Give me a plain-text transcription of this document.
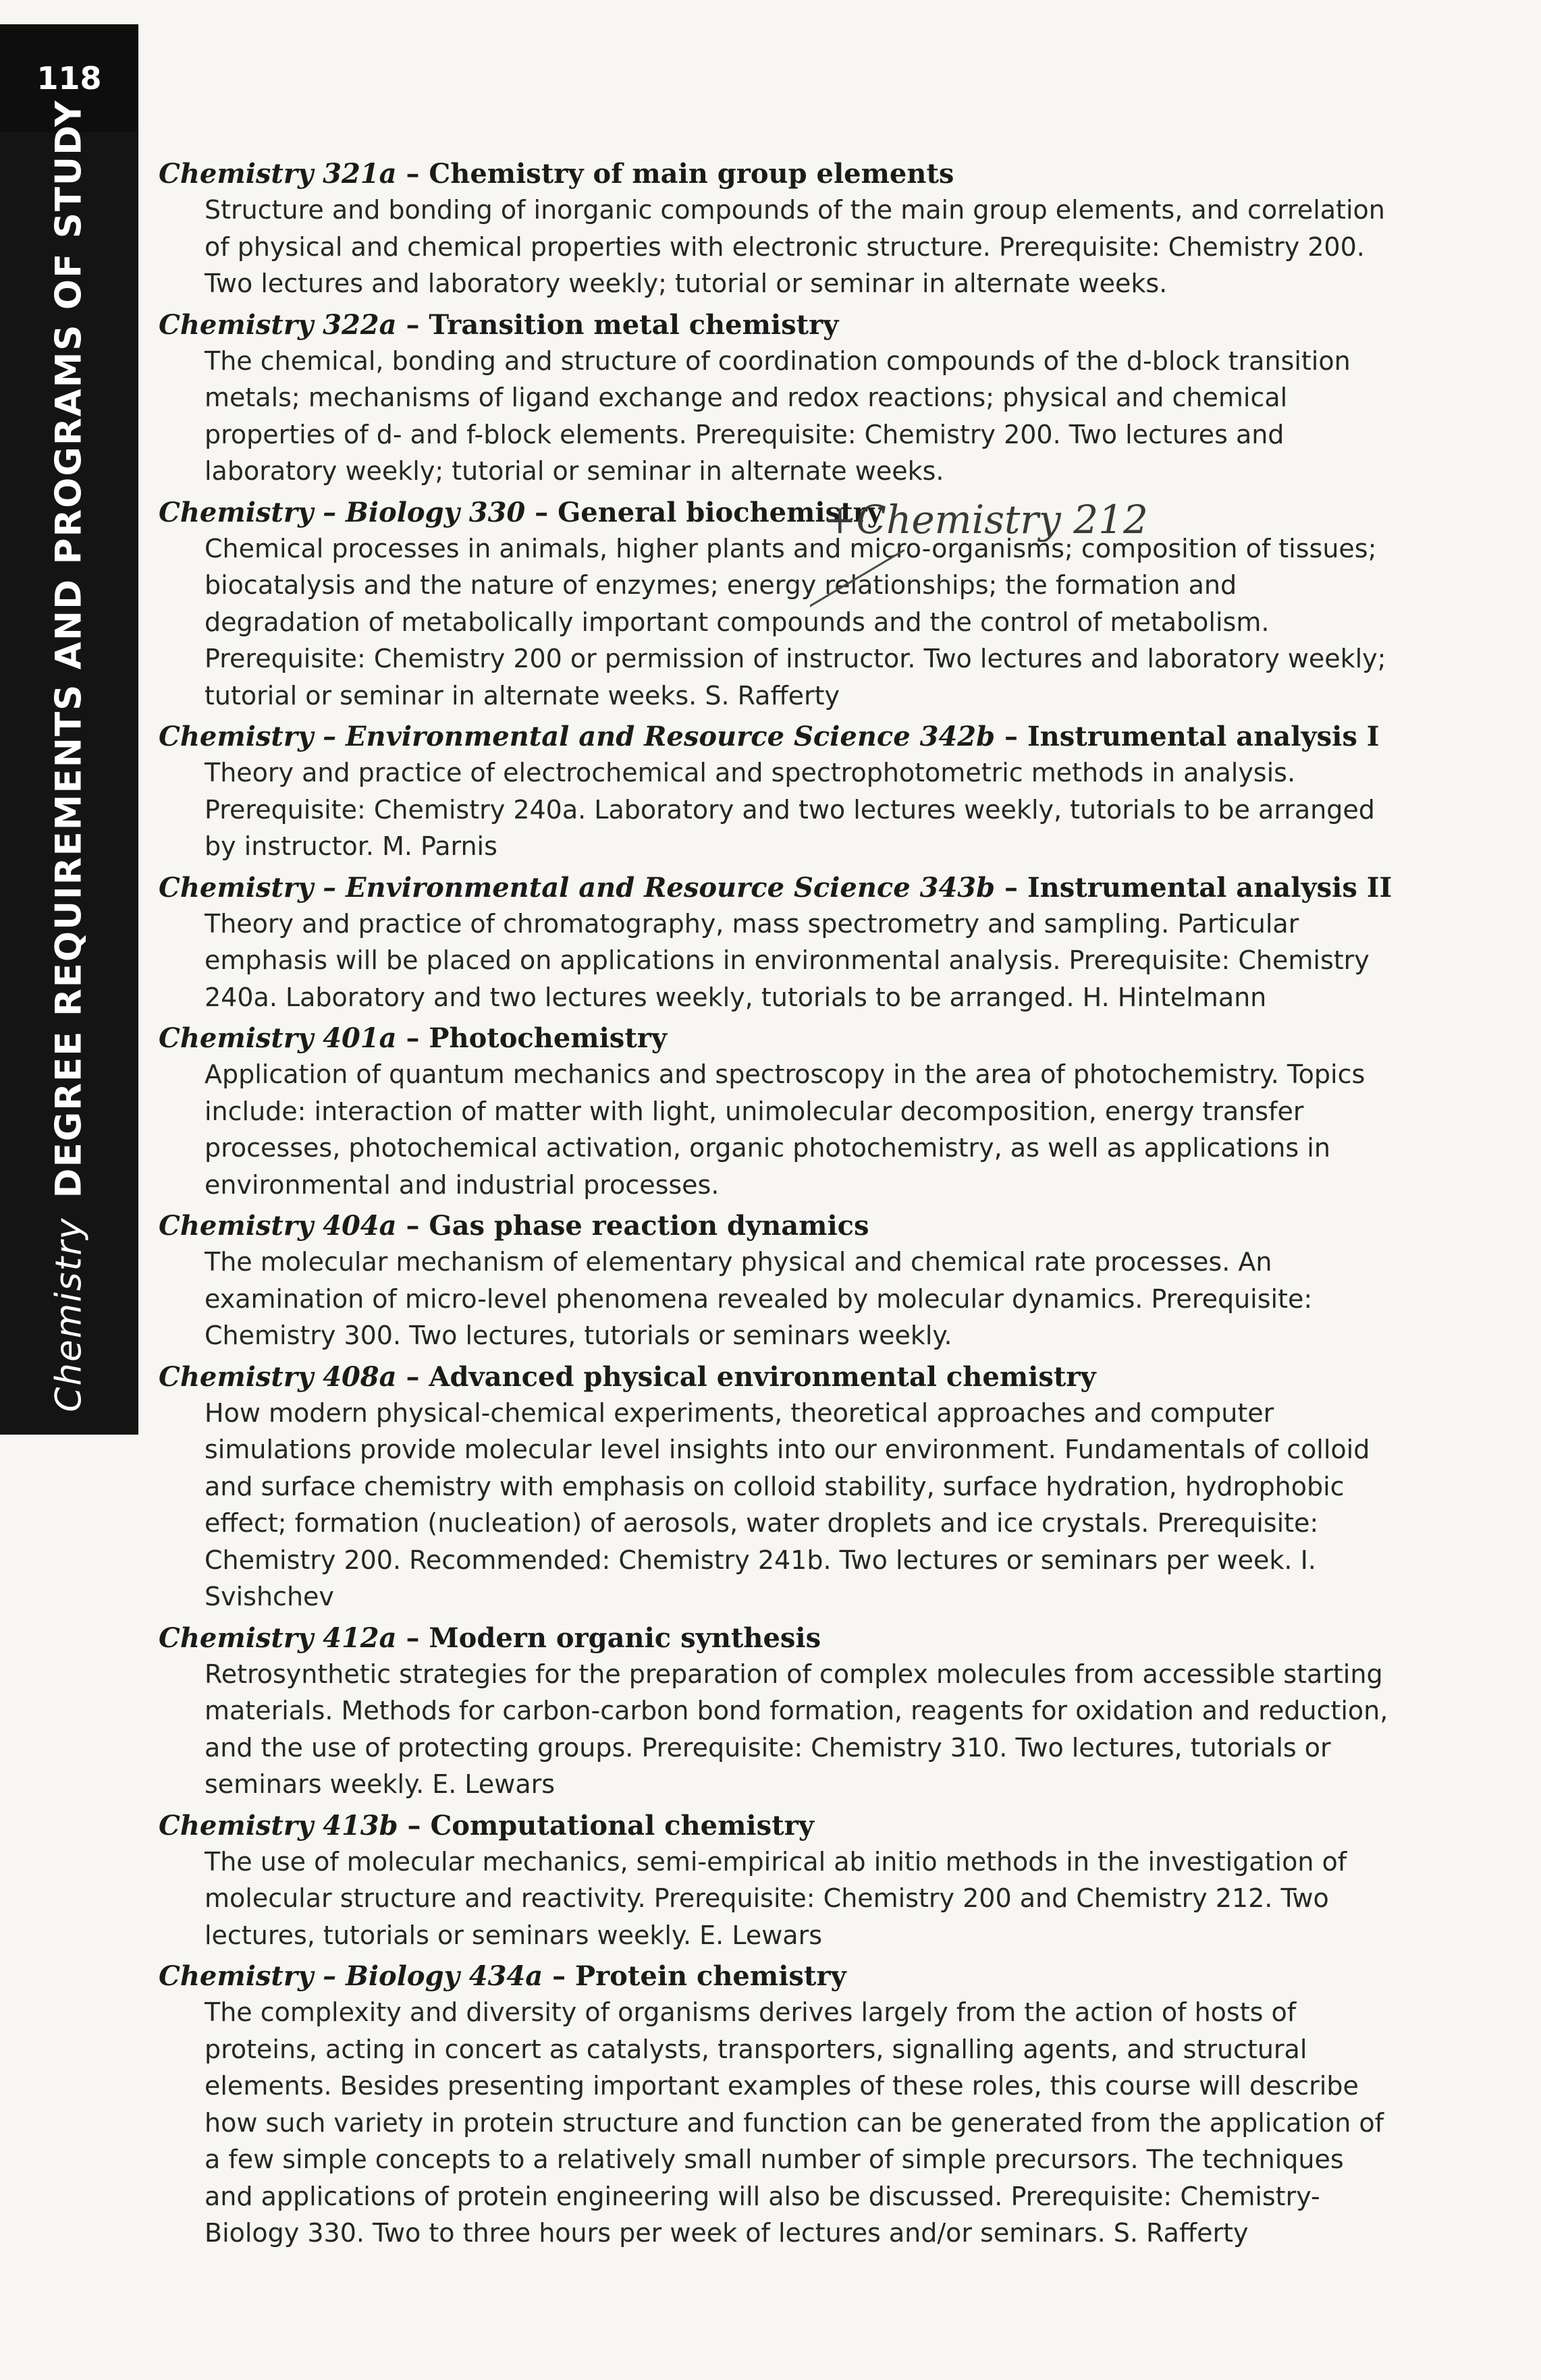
118
ChemistryDEGREE REQUIREMENTS AND PROGRAMS OF STUDY	Chemistry 321a – Chemistry of main group elements
Structure and bonding of inorganic compounds of the main group elements, and correlation of physical and chemical properties with electronic structure. Prerequisite: Chemistry 200. Two lectures and laboratory weekly; tutorial or seminar in alternate weeks.
Chemistry 322a – Transition metal chemistry
The chemical, bonding and structure of coordination compounds of the d-block transition metals; mechanisms of ligand exchange and redox reactions; physical and chemical properties of d- and f-block elements. Prerequisite: Chemistry 200. Two lectures and laboratory weekly; tutorial or seminar in alternate weeks.
Chemistry – Biology 330 – General biochemistry
Chemical processes in animals, higher plants and micro-organisms; composition of tissues; biocatalysis and the nature of enzymes; energy relationships; the formation and degradation of metabolically important compounds and the control of metabolism. Prerequisite: Chemistry 200 or permission of instructor. Two lectures and laboratory weekly; tutorial or seminar in alternate weeks. S. Rafferty
Chemistry – Environmental and Resource Science 342b – Instrumental analysis I
Theory and practice of electrochemical and spectrophotometric methods in analysis. Prerequisite: Chemistry 240a. Laboratory and two lectures weekly, tutorials to be arranged by instructor. M. Parnis
Chemistry – Environmental and Resource Science 343b – Instrumental analysis II
Theory and practice of chromatography, mass spectrometry and sampling. Particular emphasis will be placed on applications in environmental analysis. Prerequisite: Chemistry 240a. Laboratory and two lectures weekly, tutorials to be arranged. H. Hintelmann
Chemistry 401a – Photochemistry
Application of quantum mechanics and spectroscopy in the area of photochemistry. Topics include: interaction of matter with light, unimolecular decomposition, energy transfer processes, photochemical activation, organic photochemistry, as well as applications in environmental and industrial processes.
Chemistry 404a – Gas phase reaction dynamics
The molecular mechanism of elementary physical and chemical rate processes. An examination of micro-level phenomena revealed by molecular dynamics. Prerequisite: Chemistry 300. Two lectures, tutorials or seminars weekly.
Chemistry 408a – Advanced physical environmental chemistry
How modern physical-chemical experiments, theoretical approaches and computer simulations provide molecular level insights into our environment. Fundamentals of colloid and surface chemistry with emphasis on colloid stability, surface hydration, hydrophobic effect; formation (nucleation) of aerosols, water droplets and ice crystals. Prerequisite: Chemistry 200. Recommended: Chemistry 241b. Two lectures or seminars per week. I. Svishchev
Chemistry 412a – Modern organic synthesis
Retrosynthetic strategies for the preparation of complex molecules from accessible starting materials. Methods for carbon-carbon bond formation, reagents for oxidation and reduction, and the use of protecting groups. Prerequisite: Chemistry 310. Two lectures, tutorials or seminars weekly. E. Lewars
Chemistry 413b – Computational chemistry
The use of molecular mechanics, semi-empirical ab initio methods in the investigation of molecular structure and reactivity. Prerequisite: Chemistry 200 and Chemistry 212. Two lectures, tutorials or seminars weekly. E. Lewars
Chemistry – Biology 434a – Protein chemistry
The complexity and diversity of organisms derives largely from the action of hosts of proteins, acting in concert as catalysts, transporters, signalling agents, and structural elements. Besides presenting important examples of these roles, this course will describe how such variety in protein structure and function can be generated from the application of a few simple concepts to a relatively small number of simple precursors. The techniques and applications of protein engineering will also be discussed. Prerequisite: Chemistry-Biology 330. Two to three hours per week of lectures and/or seminars. S. Rafferty
+Chemistry 212
